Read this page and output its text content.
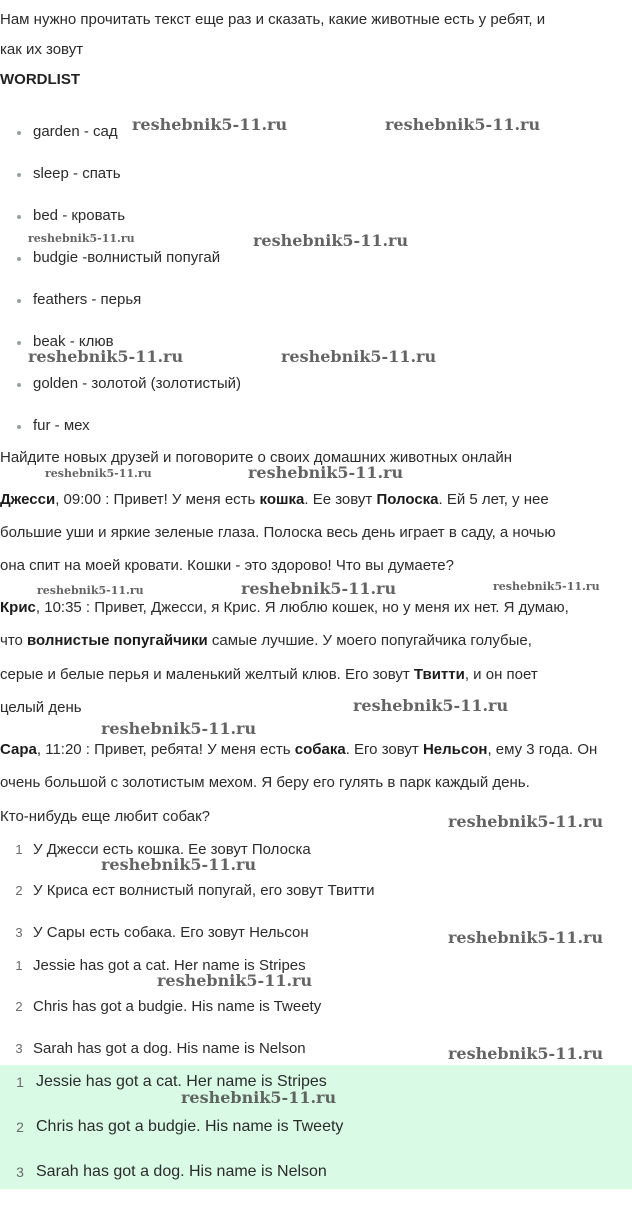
Нам нужно прочитать текст еще раз и сказать, какие животные есть у ребят, и
как их зовут
WORDLIST
garden - сад
sleep - спать
bed - кровать
budgie -волнистый попугай
feathers - перья
beak - клюв
golden - золотой (золотистый)
fur - мех
Найдите новых друзей и поговорите о своих домашних животных онлайн
Джесси, 09:00 : Привет! У меня есть кошка. Ее зовут Полоска. Ей 5 лет, у нее
большие уши и яркие зеленые глаза. Полоска весь день играет в саду, а ночью
она спит на моей кровати. Кошки - это здорово! Что вы думаете?
Крис, 10:35 : Привет, Джесси, я Крис. Я люблю кошек, но у меня их нет. Я думаю,
что волнистые попугайчики самые лучшие. У моего попугайчика голубые,
серые и белые перья и маленький желтый клюв. Его зовут Твитти, и он поет
целый день
Сара, 11:20 : Привет, ребята! У меня есть собака. Его зовут Нельсон, ему 3 года. Он
очень большой с золотистым мехом. Я беру его гулять в парк каждый день.
Кто-нибудь еще любит собак?
1 У Джесси есть кошка. Ее зовут Полоска
2 У Криса ест волнистый попугай, его зовут Твитти
3 У Сары есть собака. Его зовут Нельсон
1 Jessie has got a cat. Her name is Stripes
2 Chris has got a budgie. His name is Tweety
3 Sarah has got a dog. His name is Nelson
1 Jessie has got a cat. Her name is Stripes
2 Chris has got a budgie. His name is Tweety
3 Sarah has got a dog. His name is Nelson
reshebnik5-11.ru	reshebnik5-11.ru
reshebnik5-11.ru	reshebnik5-11.ru
reshebnik5-11.ru	reshebnik5-11.ru
reshebnik5-11.ru	reshebnik5-11.ru
reshebnik5-11.ru	reshebnik5-11.ru	reshebnik5-11.ru
reshebnik5-11.ru
reshebnik5-11.ru
reshebnik5-11.ru
reshebnik5-11.ru
reshebnik5-11.ru
reshebnik5-11.ru
reshebnik5-11.ru
reshebnik5-11.ru
